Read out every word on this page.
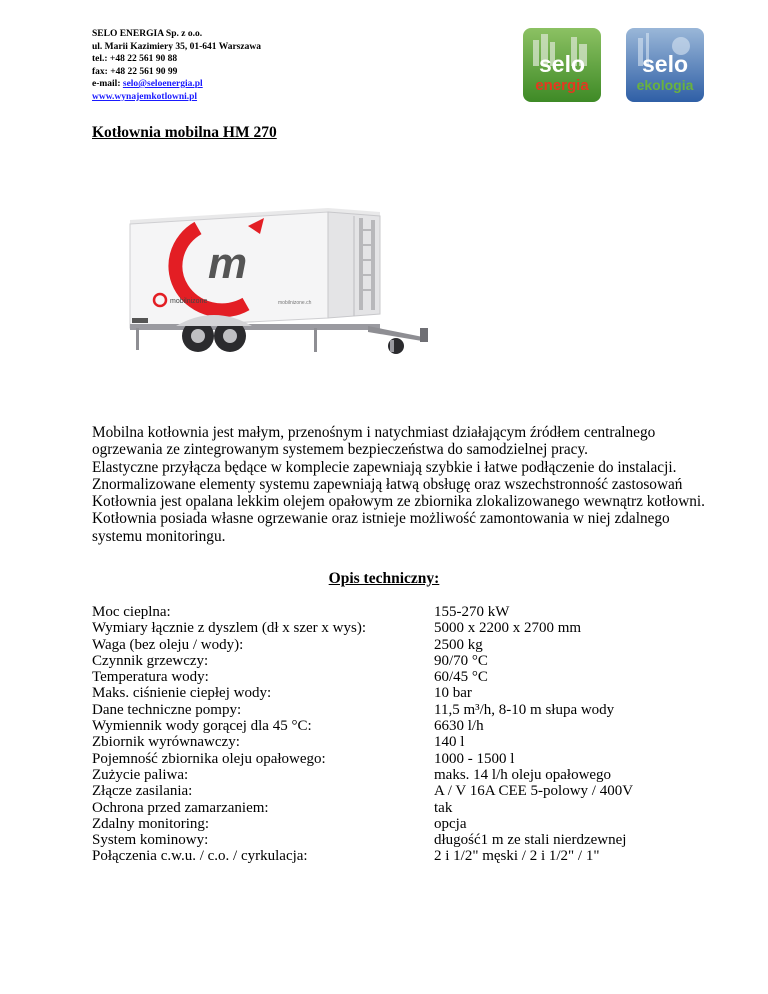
SELO ENERGIA Sp. z o.o.
ul. Marii Kazimiery 35, 01-641 Warszawa
tel.: +48 22 561 90 88
fax: +48 22 561 90 99
e-mail: selo@seloenergia.pl
www.wynajemkotlowni.pl
selo
energia
selo
ekologia
Kotłownia mobilna HM 270
m
mobilnizone	mobilnizone.ch

Mobilna kotłownia jest małym, przenośnym i natychmiast działającym źródłem centralnego ogrzewania ze zintegrowanym systemem bezpieczeństwa do samodzielnej pracy.

Elastyczne przyłącza będące w komplecie zapewniają szybkie i łatwe podłączenie do instalacji.

Znormalizowane elementy systemu zapewniają łatwą obsługę oraz wszechstronność zastosowań

Kotłownia jest opalana lekkim olejem opałowym ze zbiornika zlokalizowanego wewnątrz kotłowni.

Kotłownia posiada własne ogrzewanie oraz istnieje możliwość zamontowania w niej zdalnego systemu monitoringu.

Opis techniczny:
Moc cieplna:	155-270 kW
Wymiary łącznie z dyszlem (dł x szer x wys):	5000 x 2200 x 2700 mm
Waga (bez oleju / wody):	2500 kg
Czynnik grzewczy:	90/70 °C
Temperatura wody:	60/45 °C
Maks. ciśnienie ciepłej wody:	10 bar
Dane techniczne pompy:	11,5 m³/h, 8-10 m słupa wody
Wymiennik wody gorącej dla 45 °C:	6630 l/h
Zbiornik wyrównawczy:	140 l
Pojemność zbiornika oleju opałowego:	1000 - 1500 l
Zużycie paliwa:	maks. 14 l/h oleju opałowego
Złącze zasilania:	A / V 16A CEE 5-polowy / 400V
Ochrona przed zamarzaniem:	tak
Zdalny monitoring:	opcja
System kominowy:	długość1 m ze stali nierdzewnej
Połączenia c.w.u. / c.o. / cyrkulacja:	2 i 1/2" męski / 2 i 1/2" / 1"
